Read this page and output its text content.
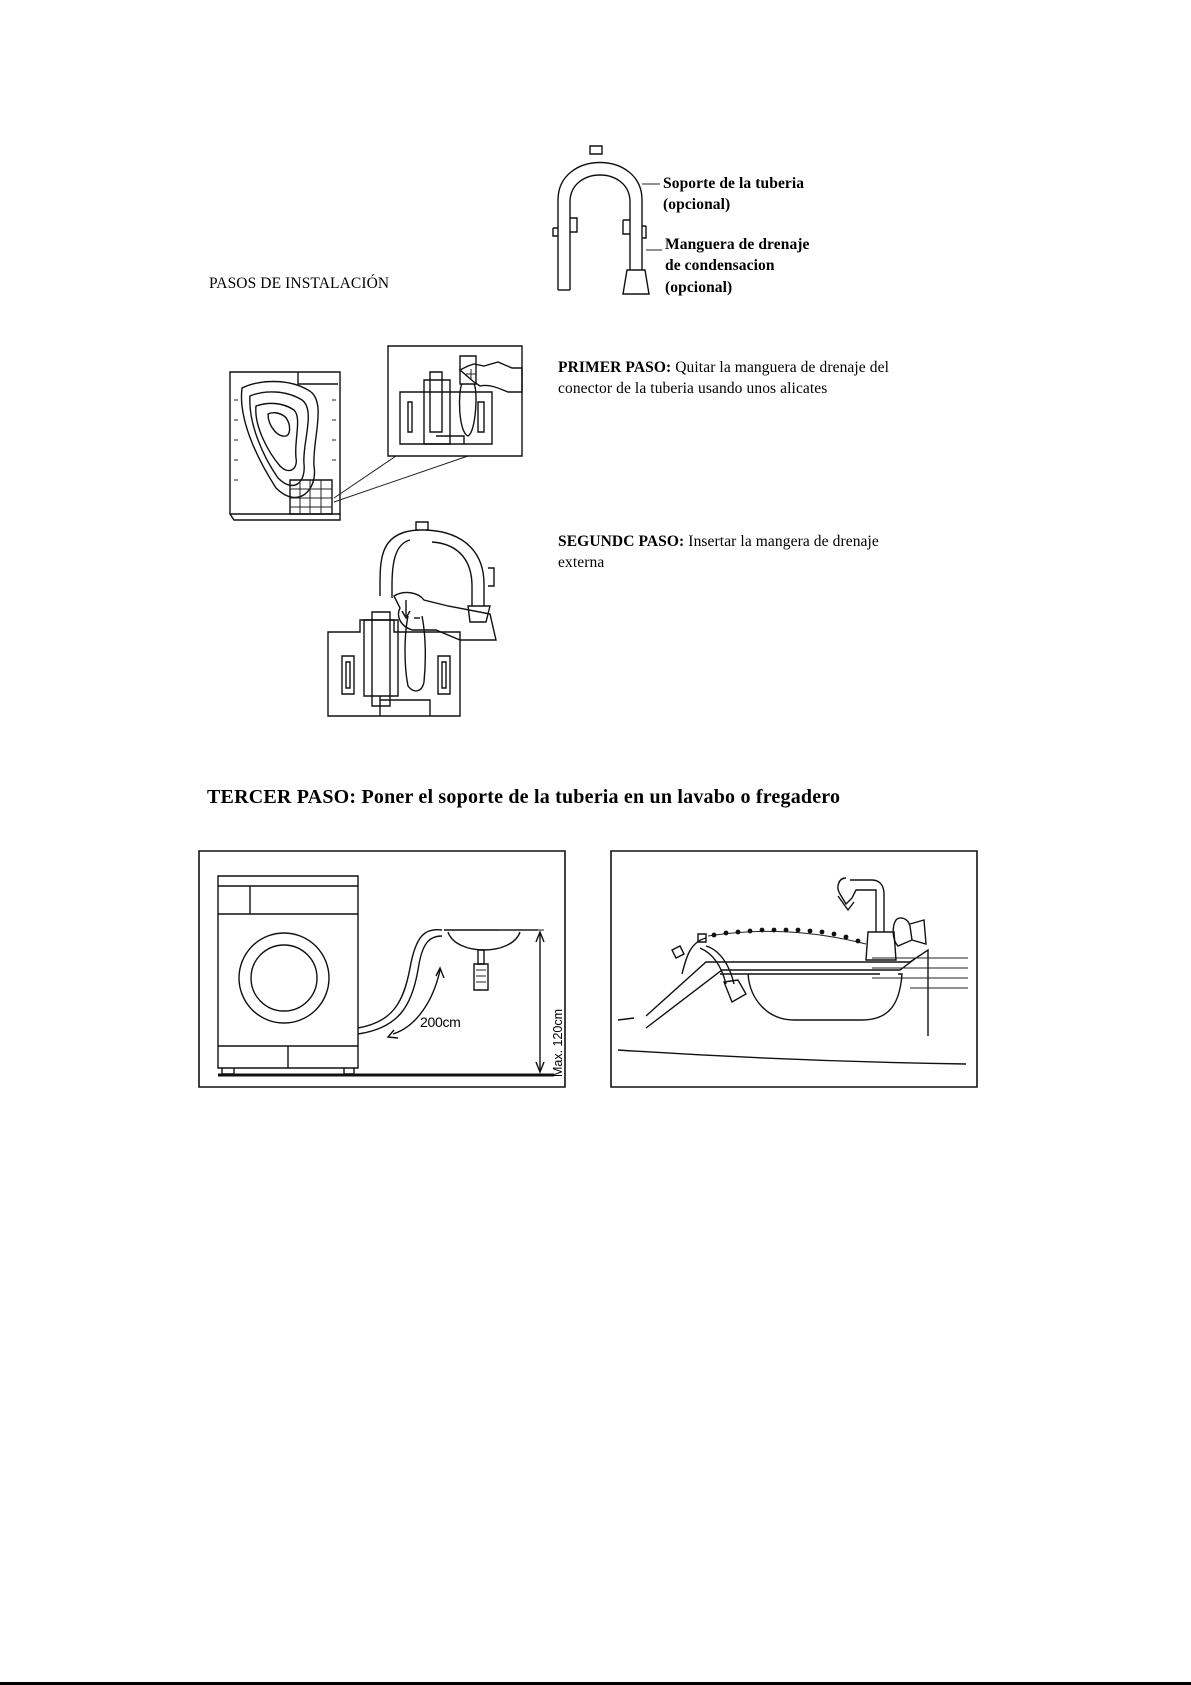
PASOS DE INSTALACIÓN
Soporte de la tuberia
(opcional)
Manguera de drenaje
de condensacion
(opcional)
PRIMER PASO: Quitar la manguera de drenaje del
conector de la tuberia usando unos alicates
SEGUNDC PASO: Insertar la mangera de drenaje
externa
TERCER PASO: Poner el soporte de la tuberia en un lavabo o fregadero
200cm	Max. 120cm
